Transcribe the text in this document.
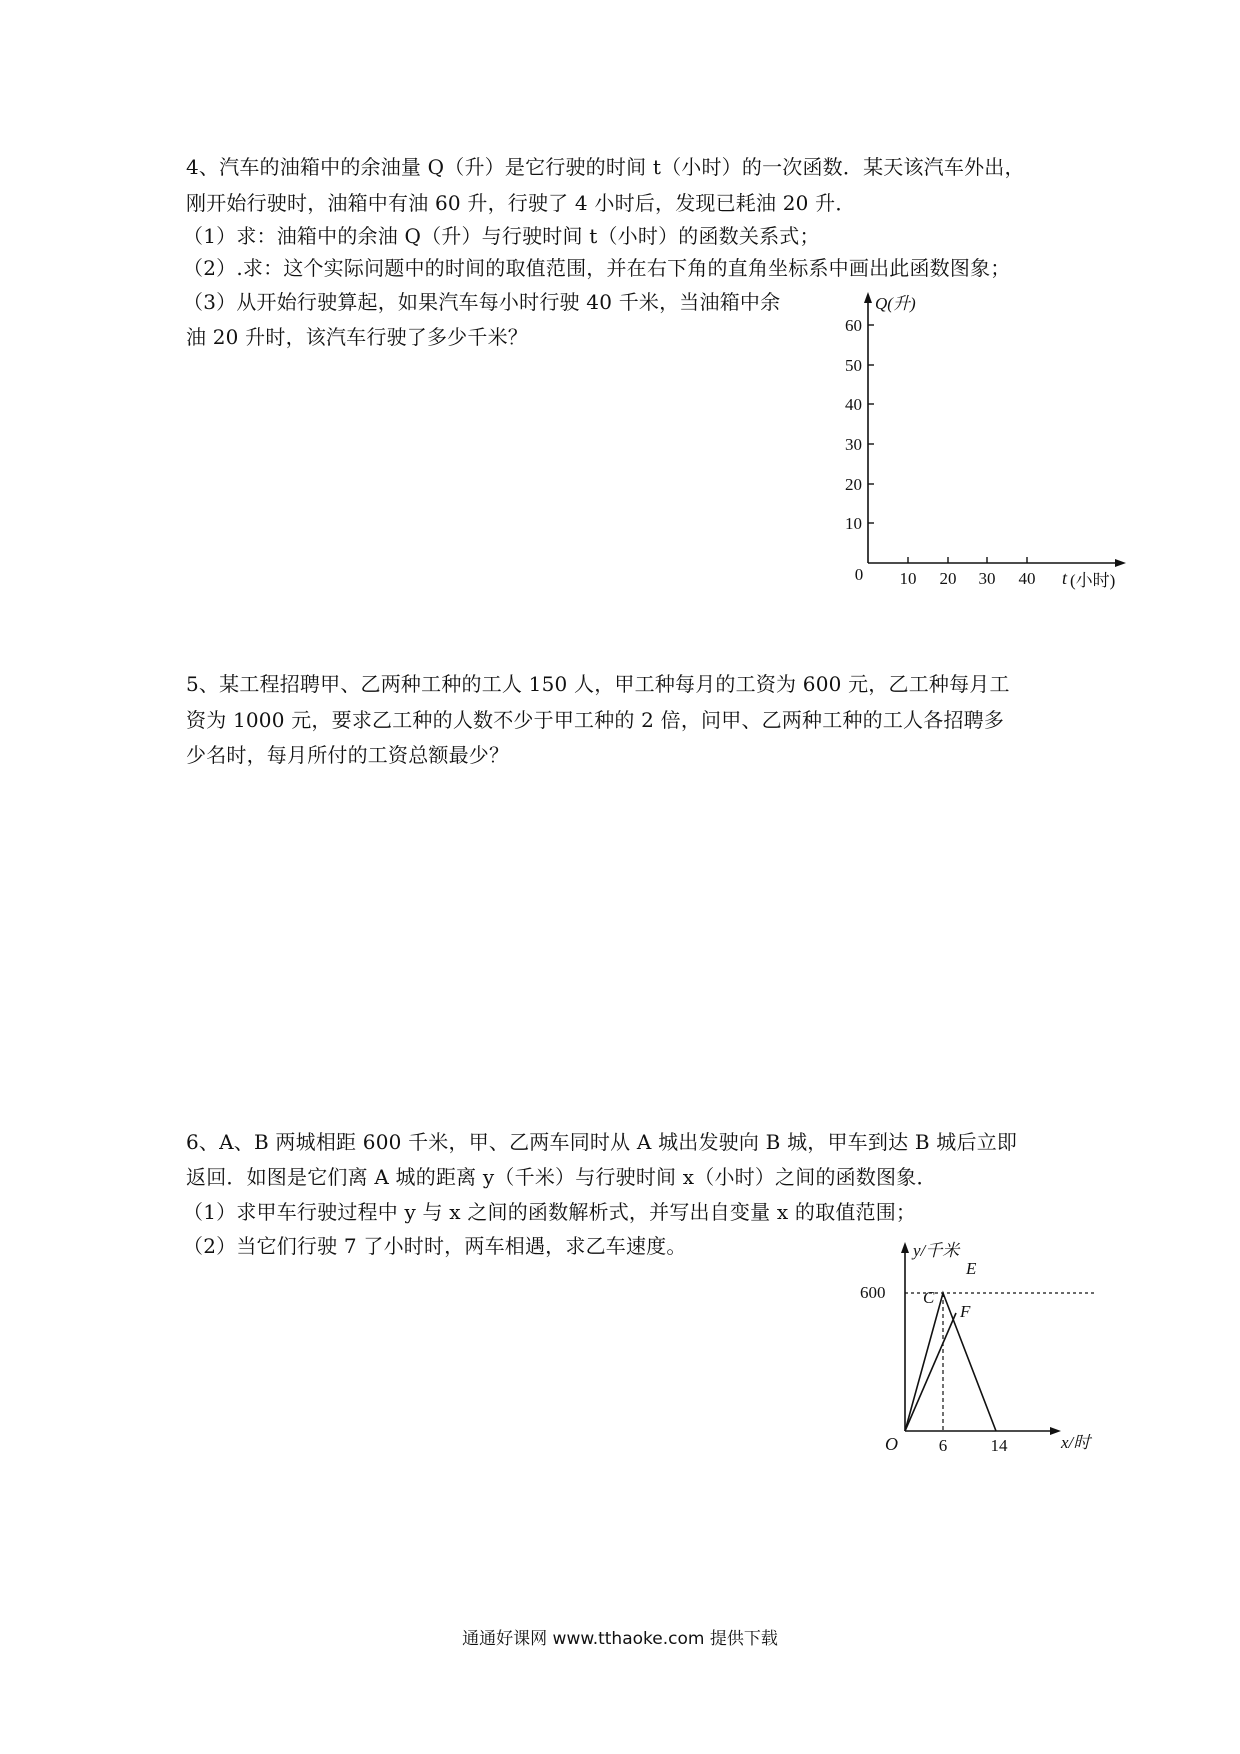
4、汽车的油箱中的余油量 Q（升）是它行驶的时间 t（小时）的一次函数．某天该汽车外出，
刚开始行驶时，油箱中有油 60 升，行驶了 4 小时后，发现已耗油 20 升．
（1）求：油箱中的余油 Q（升）与行驶时间 t（小时）的函数关系式；
（2）.求：这个实际问题中的时间的取值范围，并在右下角的直角坐标系中画出此函数图象；
（3）从开始行驶算起，如果汽车每小时行驶 40 千米，当油箱中余
油 20 升时，该汽车行驶了多少千米？
10
20
30
40
50
60
10 20 30 40
0
Q(升)
t (小时)
5、某工程招聘甲、乙两种工种的工人 150 人，甲工种每月的工资为 600 元，乙工种每月工
资为 1000 元，要求乙工种的人数不少于甲工种的 2 倍，问甲、乙两种工种的工人各招聘多
少名时，每月所付的工资总额最少？
6、A、B 两城相距 600 千米，甲、乙两车同时从 A 城出发驶向 B 城，甲车到达 B 城后立即
返回．如图是它们离 A 城的距离 y（千米）与行驶时间 x（小时）之间的函数图象．
（1）求甲车行驶过程中 y 与 x 之间的函数解析式，并写出自变量 x 的取值范围；
（2）当它们行驶 7 了小时时，两车相遇，求乙车速度。	y/千米
600 C
E
F
O 6	14	x/时
通通好课网 www.tthaoke.com 提供下载
